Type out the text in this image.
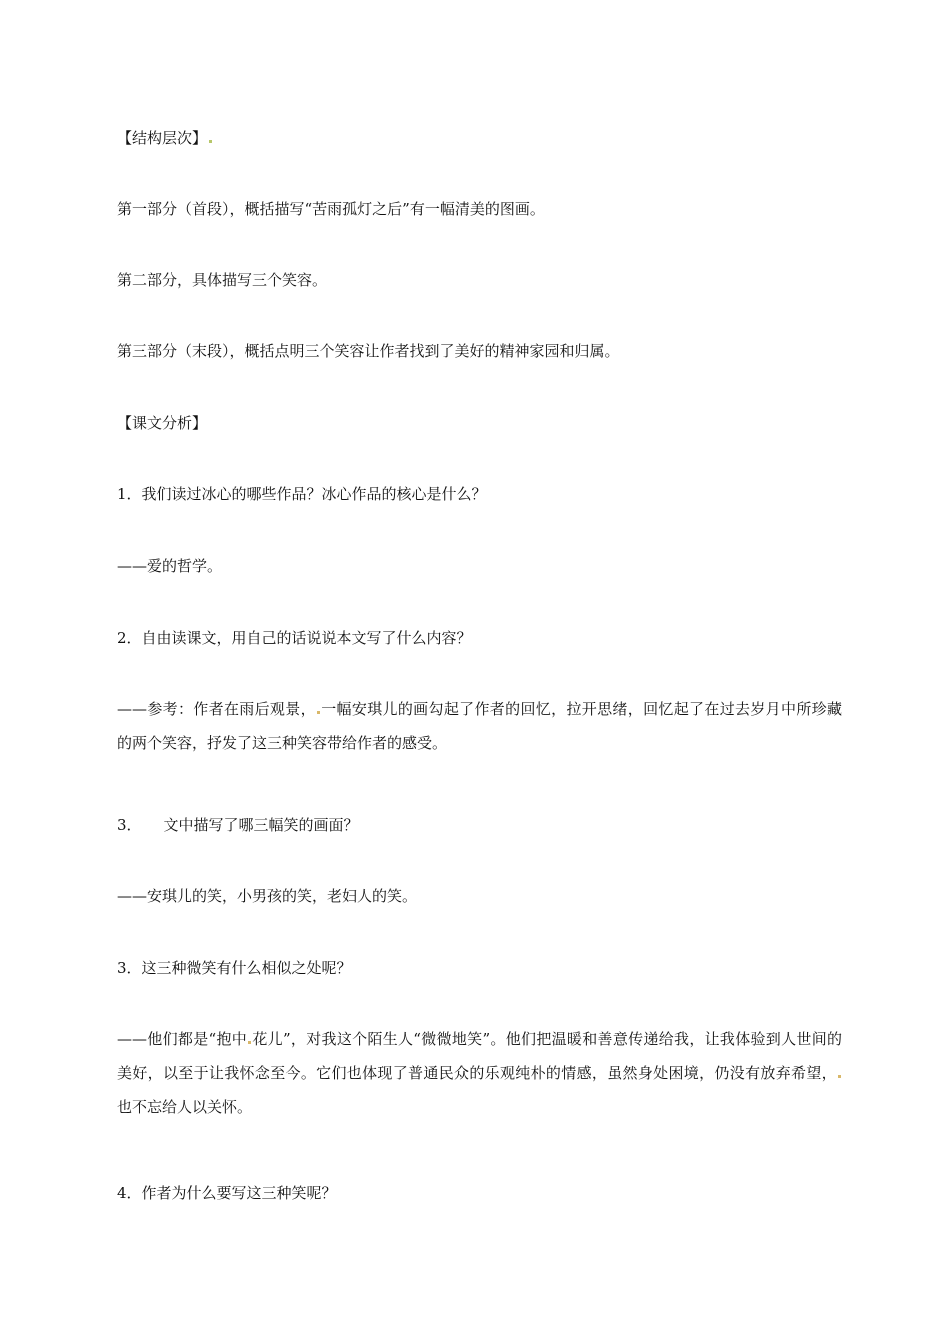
【结构层次】
第一部分（首段），概括描写“苦雨孤灯之后”有一幅清美的图画。
第二部分，具体描写三个笑容。
第三部分（末段），概括点明三个笑容让作者找到了美好的精神家园和归属。
【课文分析】
1．我们读过冰心的哪些作品？冰心作品的核心是什么？
——爱的哲学。
2．自由读课文，用自己的话说说本文写了什么内容？
——参考：作者在雨后观景， 一幅安琪儿的画勾起了作者的回忆，拉开思绪，回忆起了在过去岁月中所珍藏的两个笑容，抒发了这三种笑容带给作者的感受。
3． 文中描写了哪三幅笑的画面？
——安琪儿的笑，小男孩的笑，老妇人的笑。
3．这三种微笑有什么相似之处呢？
——他们都是“抱中 花儿”，对我这个陌生人“微微地笑”。他们把温暖和善意传递给我，让我体验到人世间的美好，以至于让我怀念至今。它们也体现了普通民众的乐观纯朴的情感，虽然身处困境，仍没有放弃希望，也不忘给人以关怀。
4．作者为什么要写这三种笑呢？
